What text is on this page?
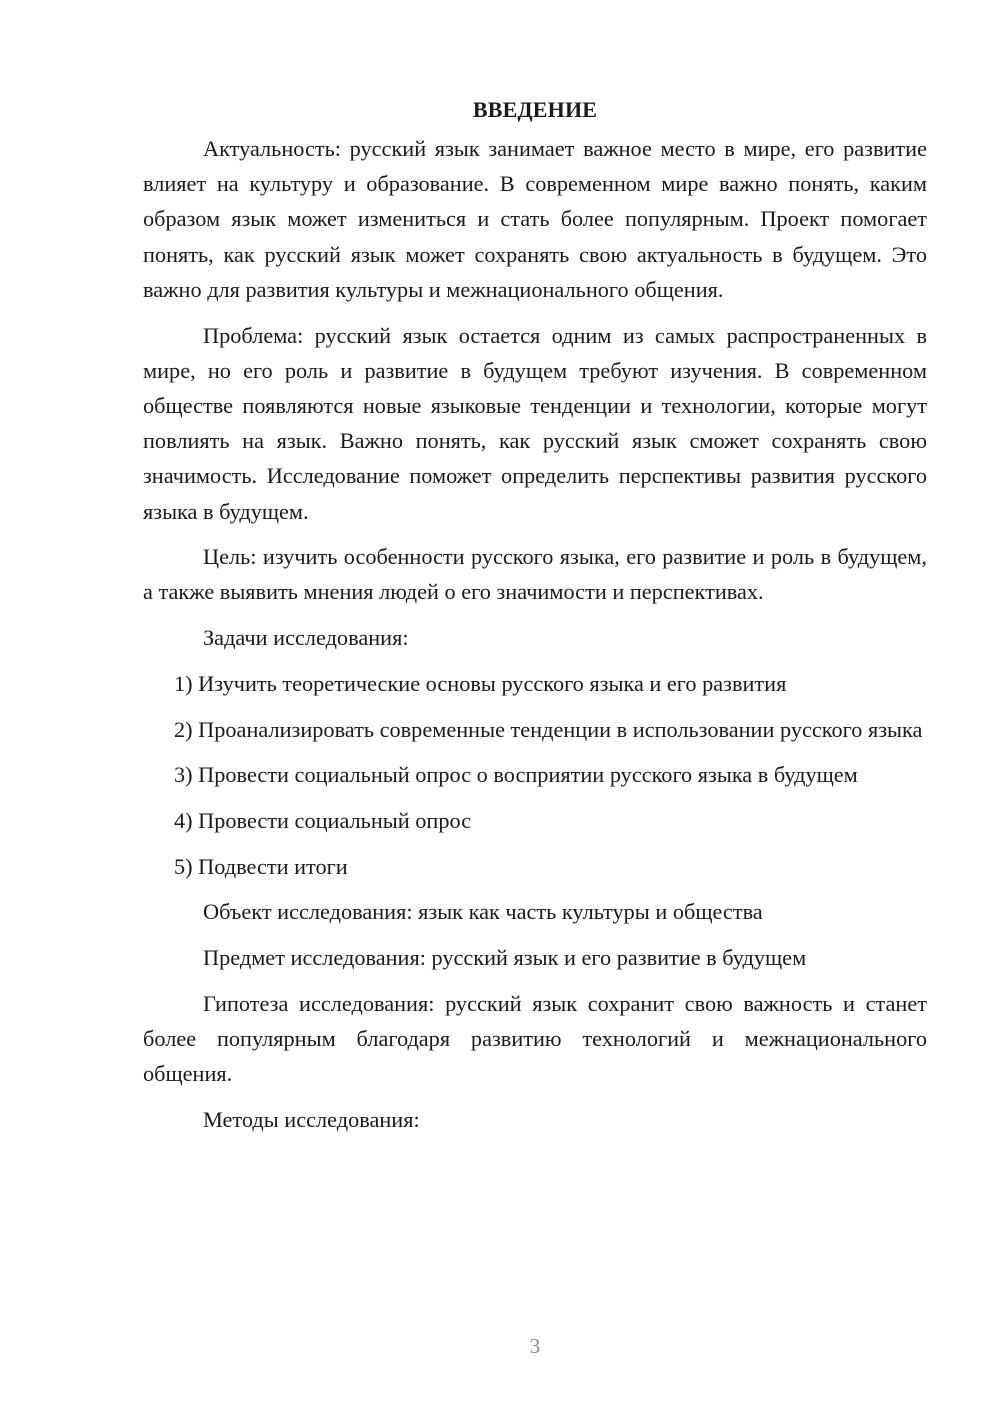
ВВЕДЕНИЕ

Актуальность: русский язык занимает важное место в мире, его развитие влияет на культуру и образование. В современном мире важно понять, каким образом язык может измениться и стать более популярным. Проект помогает понять, как русский язык может сохранять свою актуальность в будущем. Это важно для развития культуры и межнационального общения.

Проблема: русский язык остается одним из самых распространенных в мире, но его роль и развитие в будущем требуют изучения. В современном обществе появляются новые языковые тенденции и технологии, которые могут повлиять на язык. Важно понять, как русский язык сможет сохранять свою значимость. Исследование поможет определить перспективы развития русского языка в будущем.

Цель: изучить особенности русского языка, его развитие и роль в будущем, а также выявить мнения людей о его значимости и перспективах.

Задачи исследования:

1) Изучить теоретические основы русского языка и его развития

2) Проанализировать современные тенденции в использовании русского языка

3) Провести социальный опрос о восприятии русского языка в будущем

4) Провести социальный опрос

5) Подвести итоги

Объект исследования: язык как часть культуры и общества

Предмет исследования: русский язык и его развитие в будущем

Гипотеза исследования: русский язык сохранит свою важность и станет более популярным благодаря развитию технологий и межнационального общения.

Методы исследования:

3
